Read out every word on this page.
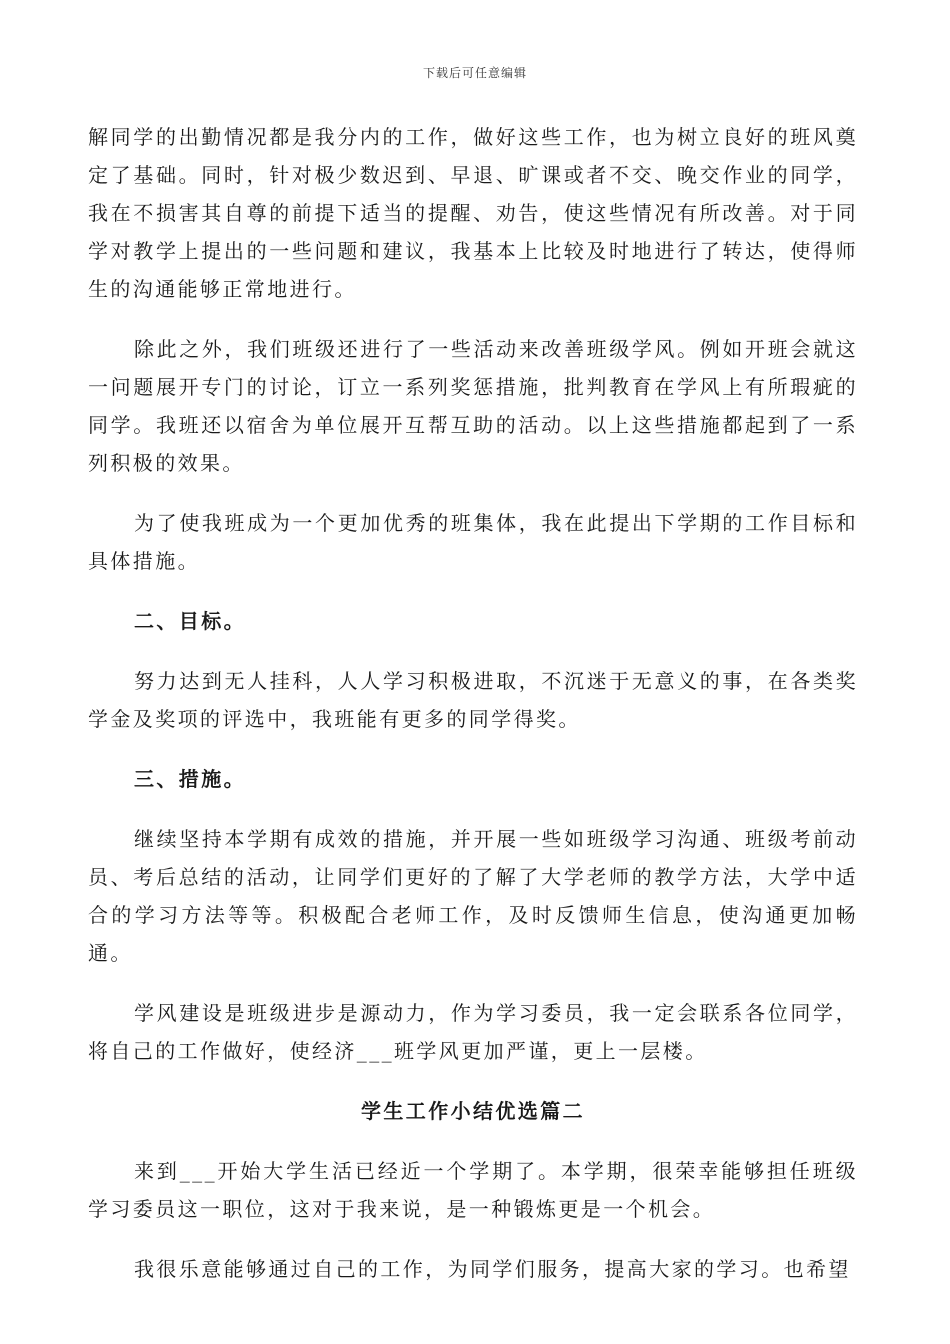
下载后可任意编辑

解同学的出勤情况都是我分内的工作，做好这些工作，也为树立良好的班风奠定了基础。同时，针对极少数迟到、早退、旷课或者不交、晚交作业的同学，我在不损害其自尊的前提下适当的提醒、劝告，使这些情况有所改善。对于同学对教学上提出的一些问题和建议，我基本上比较及时地进行了转达，使得师生的沟通能够正常地进行。

除此之外，我们班级还进行了一些活动来改善班级学风。例如开班会就这一问题展开专门的讨论，订立一系列奖惩措施，批判教育在学风上有所瑕疵的同学。我班还以宿舍为单位展开互帮互助的活动。以上这些措施都起到了一系列积极的效果。

为了使我班成为一个更加优秀的班集体，我在此提出下学期的工作目标和具体措施。

二、目标。

努力达到无人挂科，人人学习积极进取，不沉迷于无意义的事，在各类奖学金及奖项的评选中，我班能有更多的同学得奖。

三、措施。

继续坚持本学期有成效的措施，并开展一些如班级学习沟通、班级考前动员、考后总结的活动，让同学们更好的了解了大学老师的教学方法，大学中适合的学习方法等等。积极配合老师工作，及时反馈师生信息，使沟通更加畅通。

学风建设是班级进步是源动力，作为学习委员，我一定会联系各位同学，将自己的工作做好，使经济___班学风更加严谨，更上一层楼。

学生工作小结优选篇二

来到___开始大学生活已经近一个学期了。本学期，很荣幸能够担任班级学习委员这一职位，这对于我来说，是一种锻炼更是一个机会。

我很乐意能够通过自己的工作，为同学们服务，提高大家的学习。也希望
